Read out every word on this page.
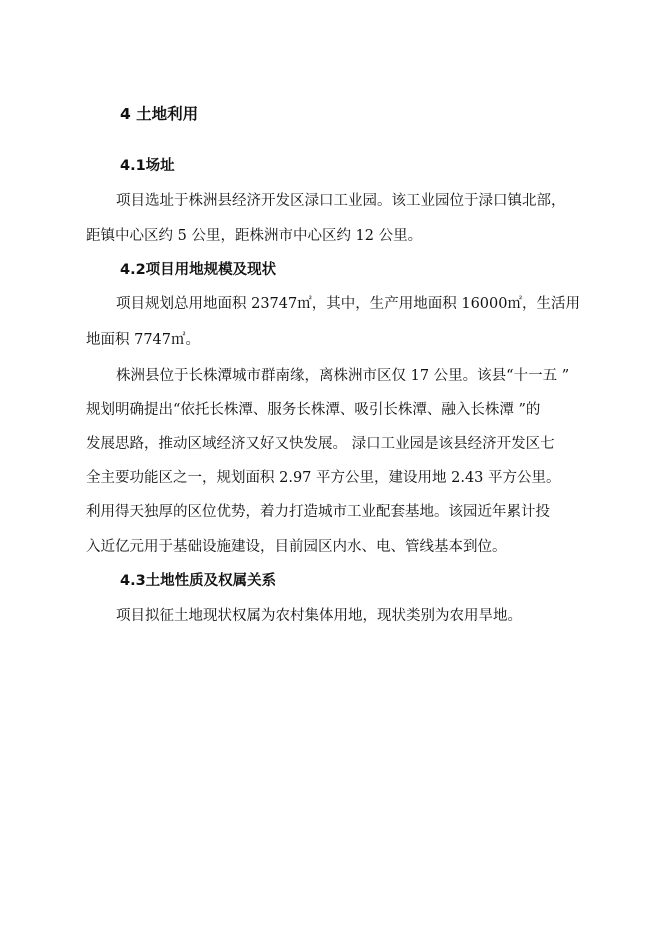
4 土地利用
4.1场址
项目选址于株洲县经济开发区渌口工业园。该工业园位于渌口镇北部，
距镇中心区约 5 公里，距株洲市中心区约 12 公里。
4.2项目用地规模及现状
项目规划总用地面积 23747㎡，其中，生产用地面积 16000㎡，生活用
地面积 7747㎡。
株洲县位于长株潭城市群南缘，离株洲市区仅 17 公里。该县“十一五 ”
规划明确提出“依托长株潭、服务长株潭、吸引长株潭、融入长株潭 ”的
发展思路，推动区域经济又好又快发展。 渌口工业园是该县经济开发区七
全主要功能区之一，规划面积 2.97 平方公里，建设用地 2.43 平方公里。
利用得天独厚的区位优势，着力打造城市工业配套基地。该园近年累计投
入近亿元用于基础设施建设，目前园区内水、电、管线基本到位。
4.3土地性质及权属关系
项目拟征土地现状权属为农村集体用地，现状类别为农用旱地。
